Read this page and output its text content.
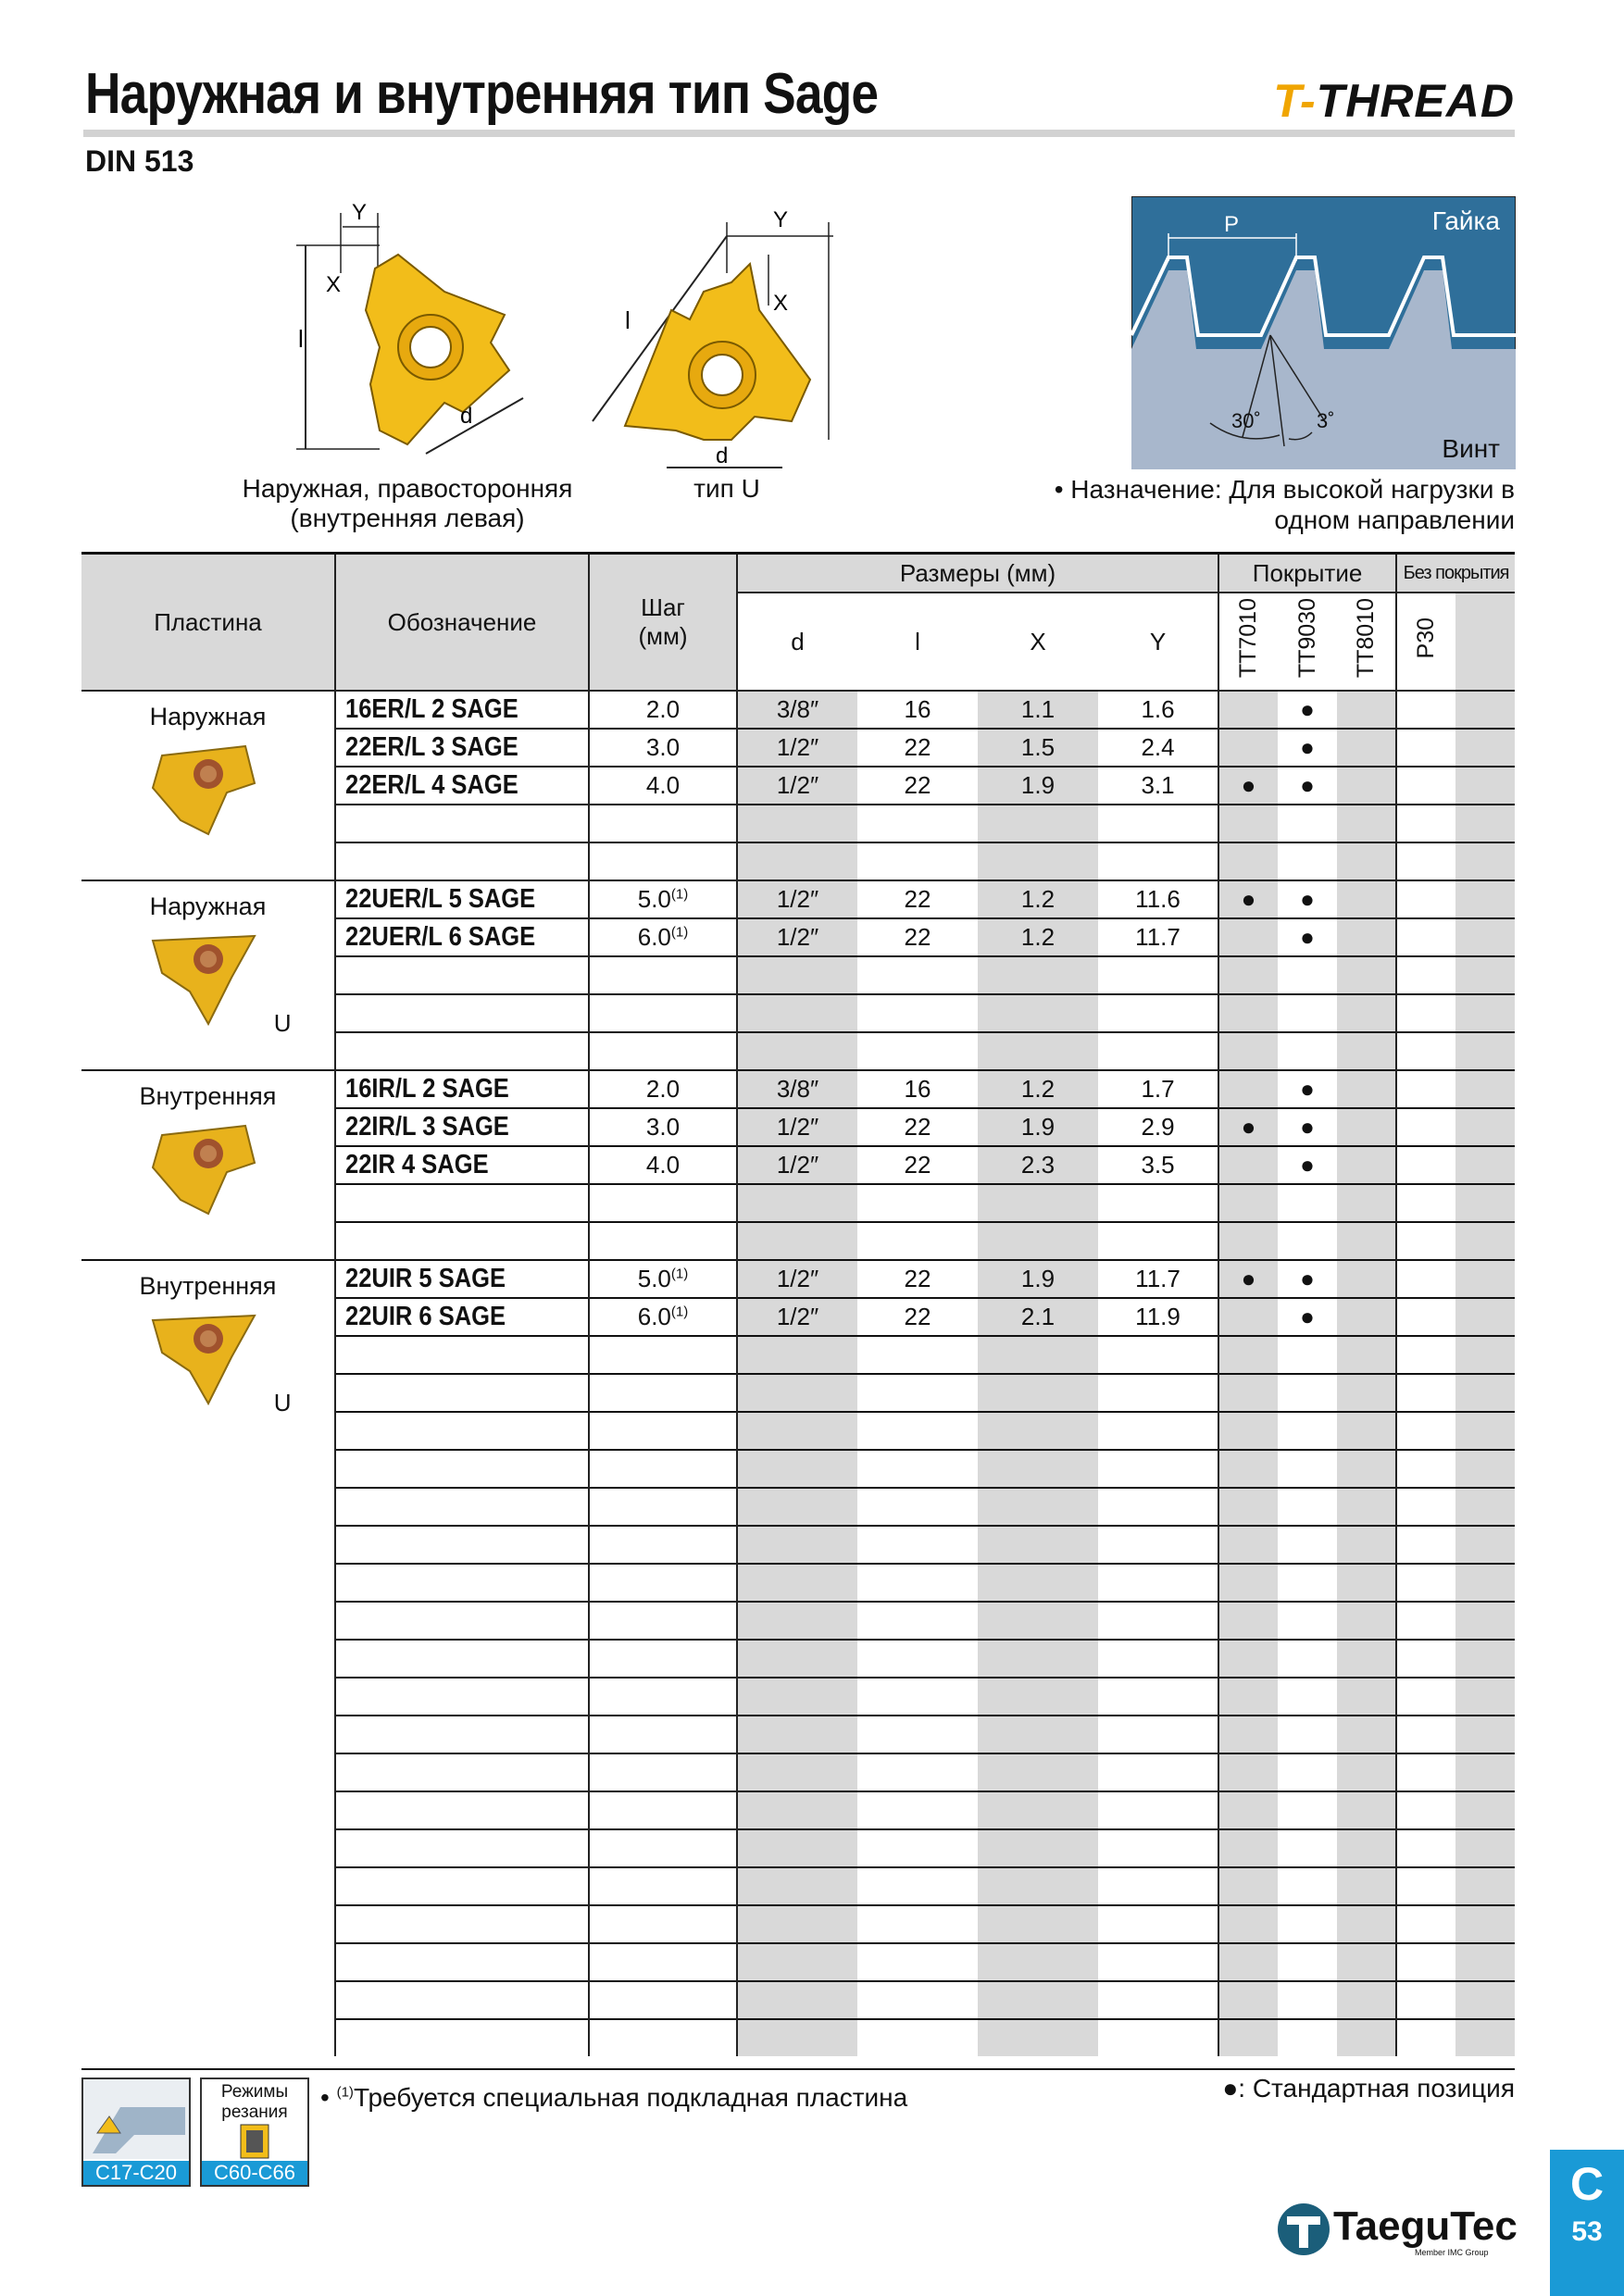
Наружная и внутренняя тип Sage	T-THREAD
DIN 513
l
X
Y
d
Наружная, правосторонняя
(внутренняя левая)
l
X
Y
d
тип U
Гайка
Винт
P
30˚	3˚
• Назначение: Для высокой нагрузки в
одном направлении
Пластина	Обозначение	Шаг
(мм)	Размеры (мм)				Покрытие			Без покрытия	
			d	l	X	Y	TT7010	TT9030	TT8010	P30	

Наружная	16ER/L 2 SAGE	2.0	3/8″	16	1.1	1.6		●			
	22ER/L 3 SAGE	3.0	1/2″	22	1.5	2.4		●			
	22ER/L 4 SAGE	4.0	1/2″	22	1.9	3.1	●	●			

Наружная
U	22UER/L 5 SAGE	5.0$^{(1)}$	1/2″	22	1.2	11.6	●	●			
	22UER/L 6 SAGE	6.0$^{(1)}$	1/2″	22	1.2	11.7		●			

Внутренняя	16IR/L 2 SAGE	2.0	3/8″	16	1.2	1.7		●			
	22IR/L 3 SAGE	3.0	1/2″	22	1.9	2.9	●	●			
	22IR 4 SAGE	4.0	1/2″	22	2.3	3.5		●			

Внутренняя
U	22UIR 5 SAGE	5.0$^{(1)}$	1/2″	22	1.9	11.7	●	●			
	22UIR 6 SAGE	6.0$^{(1)}$	1/2″	22	2.1	11.9		●			

C17-C20
Режимы
резания
C60-C66
• $^{(1)}$Требуется специальная подкладная пластина	●: Стандартная позиция
TaeguTec
Member IMC Group
C
53
